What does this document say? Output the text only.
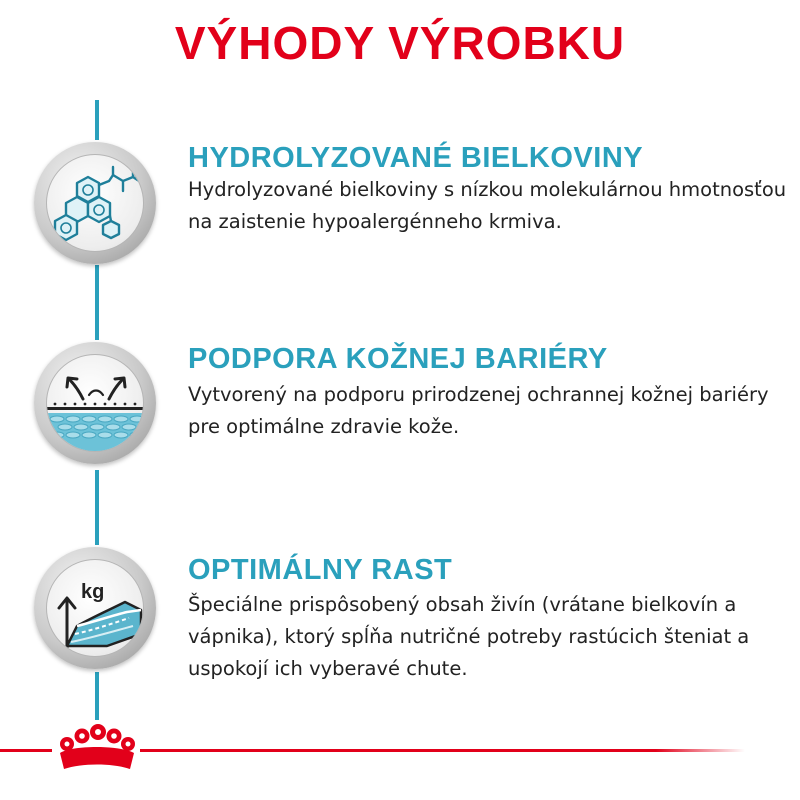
VÝHODY VÝROBKU
HYDROLYZOVANÉ BIELKOVINY
Hydrolyzované bielkoviny s nízkou molekulárnou hmotnosťou na zaistenie hypoalergénneho krmiva.
PODPORA KOŽNEJ BARIÉRY
Vytvorený na podporu prirodzenej ochrannej kožnej bariéry pre optimálne zdravie kože.
kg
OPTIMÁLNY RAST
Špeciálne prispôsobený obsah živín (vrátane bielkovín a vápnika), ktorý spĺňa nutričné potreby rastúcich šteniat a uspokojí ich vyberavé chute.
